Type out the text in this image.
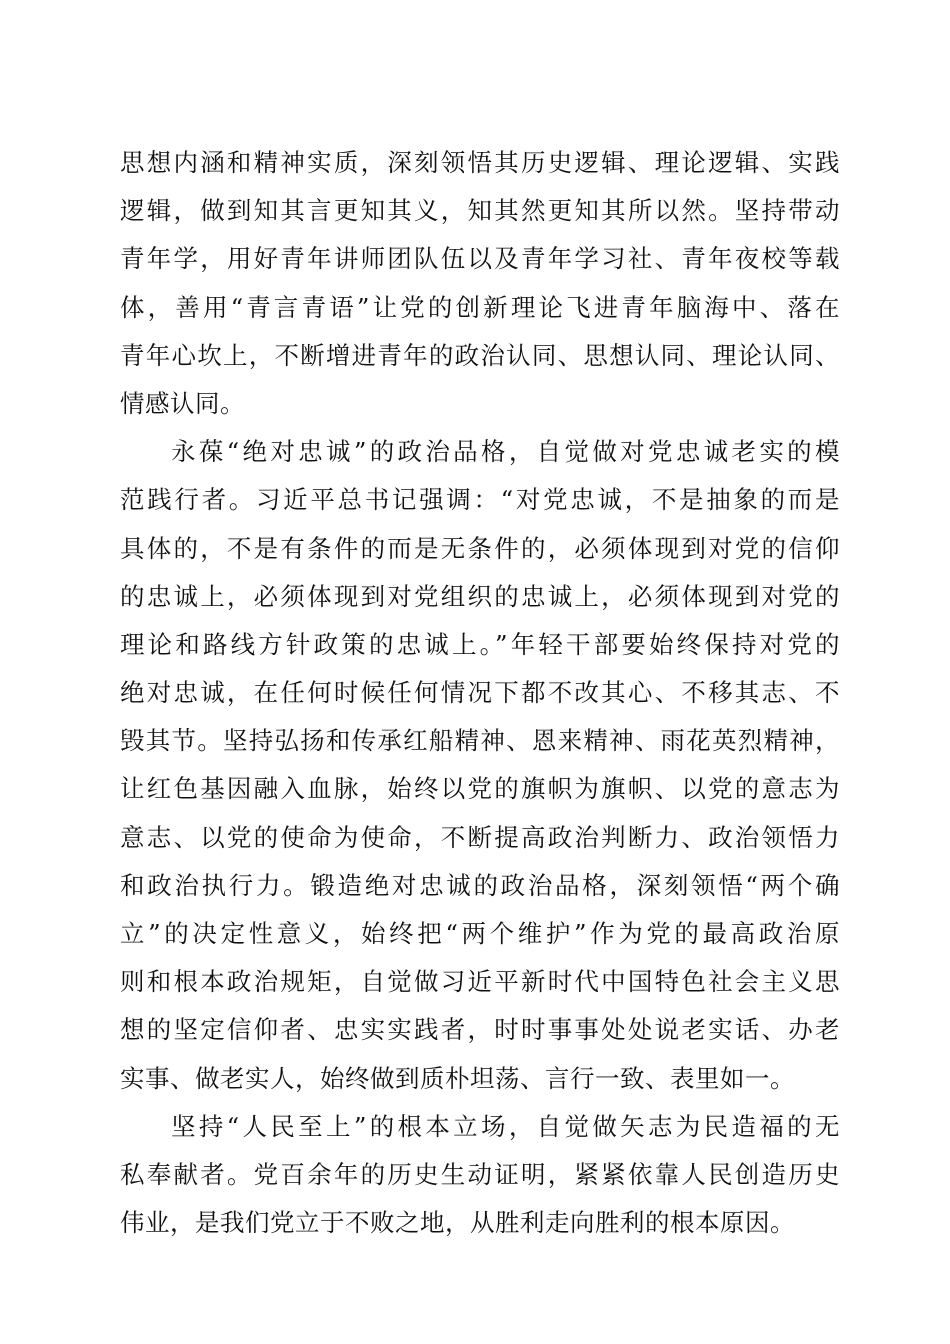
思想内涵和精神实质，深刻领悟其历史逻辑、理论逻辑、实践
逻辑，做到知其言更知其义，知其然更知其所以然。坚持带动
青年学，用好青年讲师团队伍以及青年学习社、青年夜校等载
体，善用“青言青语”让党的创新理论飞进青年脑海中、落在
青年心坎上，不断增进青年的政治认同、思想认同、理论认同、
情感认同。
永葆“绝对忠诚”的政治品格，自觉做对党忠诚老实的模
范践行者。习近平总书记强调：“对党忠诚，不是抽象的而是
具体的，不是有条件的而是无条件的，必须体现到对党的信仰
的忠诚上，必须体现到对党组织的忠诚上，必须体现到对党的
理论和路线方针政策的忠诚上。”年轻干部要始终保持对党的
绝对忠诚，在任何时候任何情况下都不改其心、不移其志、不
毁其节。坚持弘扬和传承红船精神、恩来精神、雨花英烈精神，
让红色基因融入血脉，始终以党的旗帜为旗帜、以党的意志为
意志、以党的使命为使命，不断提高政治判断力、政治领悟力
和政治执行力。锻造绝对忠诚的政治品格，深刻领悟“两个确
立”的决定性意义，始终把“两个维护”作为党的最高政治原
则和根本政治规矩，自觉做习近平新时代中国特色社会主义思
想的坚定信仰者、忠实实践者，时时事事处处说老实话、办老
实事、做老实人，始终做到质朴坦荡、言行一致、表里如一。
坚持“人民至上”的根本立场，自觉做矢志为民造福的无
私奉献者。党百余年的历史生动证明，紧紧依靠人民创造历史
伟业，是我们党立于不败之地，从胜利走向胜利的根本原因。
